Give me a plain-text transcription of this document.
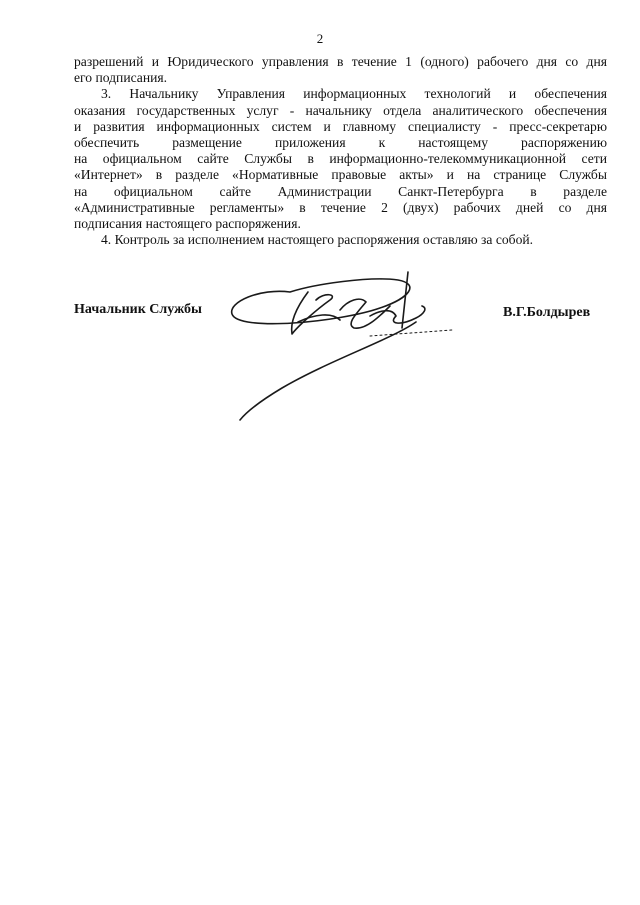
2
разрешений и Юридического управления в течение 1 (одного) рабочего дня со дня
его подписания.
3. Начальнику Управления информационных технологий и обеспечения
оказания государственных услуг - начальнику отдела аналитического обеспечения
и развития информационных систем и главному специалисту - пресс-секретарю
обеспечить размещение приложения к настоящему распоряжению
на официальном сайте Службы в информационно-телекоммуникационной сети
«Интернет» в разделе «Нормативные правовые акты» и на странице Службы
на официальном сайте Администрации Санкт-Петербурга в разделе
«Административные регламенты» в течение 2 (двух) рабочих дней со дня
подписания настоящего распоряжения.
4. Контроль за исполнением настоящего распоряжения оставляю за собой.
Начальник Службы	В.Г.Болдырев
